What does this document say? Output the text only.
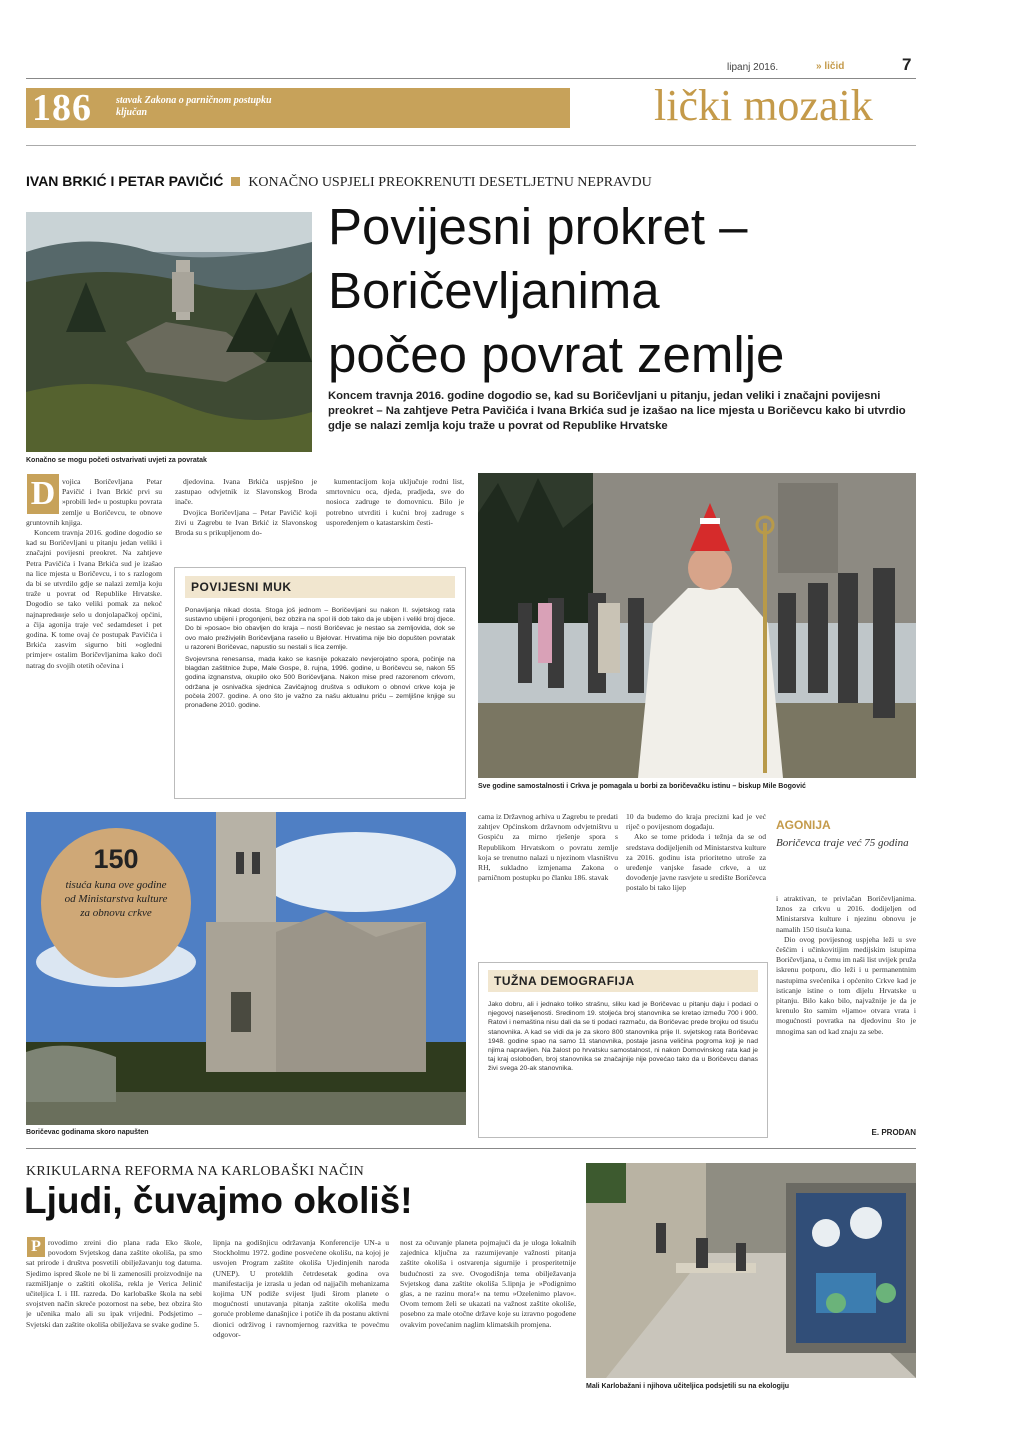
lipanj 2016.	» ličid	7
186 stavak Zakona o parničnom postupku ključan	lički mozaik
IVAN BRKIĆ I PETAR PAVIČIĆ KONAČNO USPJELI PREOKRENUTI DESETLJETNU NEPRAVDU
Povijesni prokret –
Boričevljanima
počeo povrat zemlje
Koncem travnja 2016. godine dogodio se, kad su Boričevljani u pitanju, jedan veliki i značajni povijesni preokret – Na zahtjeve Petra Pavičića i Ivana Brkića sud je izašao na lice mjesta u Boričevcu kako bi utvrdio gdje se nalazi zemlja koju traže u povrat od Republike Hrvatske
Konačno se mogu početi ostvarivati uvjeti za povratak
D vojica Boričevljana Petar Pavičić i Ivan Brkić prvi su »probili led« u postupku povrata zemlje u Boričevcu, te obnove gruntovnih knjiga.

Koncem travnja 2016. godine dogodio se kad su Boričevljani u pitanju jedan veliki i značajni povijesni preokret. Na zahtjeve Petra Pavičića i Ivana Brkića sud je izašao na lice mjesta u Boričevcu, i to s razlogom da bi se utvrdilo gdje se nalazi zemlja koju traže u povrat od Republike Hrvatske. Dogodio se tako veliki pomak za nekoć najnapredније selo u donjolapačkoj općini, a čija agonija traje već sedamdeset i pet godina. K tome ovaj će postupak Pavičića i Brkića zasvim sigurno biti »ogledni primjer« ostalim Boričevljanima kako doći natrag do svojih otetih očevina i

djedovina. Ivana Brkića uspješno je zastupao odvjetnik iz Slavonskog Broda inače.

Dvojica Boričevljana – Petar Pavičić koji živi u Zagrebu te Ivan Brkić iz Slavonskog Broda su s prikupljenom do-

kumentacijom koja uključuje rodni list, smrtovnicu oca, djeda, pradjeda, sve do nosioca zadruge te domovnicu. Bilo je potrebno utvrditi i kućni broj zadruge s uspoređenjem o katastarskim česti-

POVIJESNI MUK
Ponavljanja nikad dosta. Stoga još jednom – Boričevljani su nakon II. svjetskog rata sustavno ubijeni i progonjeni, bez obzira na spol ili dob tako da je ubijen i veliki broj djece. Do bi »posao« bio obavljen do kraja – nosti Boričevac je nestao sa zemljovida, dok se ovo malo preživjelih Boričevljana raselio u Bjelovar. Hrvatima nije bio dopušten povratak u razoreni Boričevac, napustio su nestali s lica zemlje.
Svojevrsna renesansa, mada kako se kasnije pokazalo nevjerojatno spora, počinje na blagdan zaštitnice župe, Male Gospe, 8. rujna, 1996. godine, u Boričevcu se, nakon 55 godina izgnanstva, okupilo oko 500 Boričevljana. Nakon mise pred razorenom crkvom, održana je osnivačka sjednica Zavičajnog društva s odlukom o obnovi crkve koja je počela 2007. godine. A ono što je važno za našu aktualnu priču – zemljišne knjige su pronađene 2010. godine.
Sve godine samostalnosti i Crkva je pomagala u borbi za boričevačku istinu – biskup Mile Bogović
150
tisuća kuna ove godine od Ministarstva kulture za obnovu crkve
Boričevac godinama skoro napušten

cama iz Državnog arhiva u Zagrebu te predati zahtjev Općinskom državnom odvjetništvu u Gospiću za mirno rješenje spora s Republikom Hrvatskom o povratu zemlje koja se trenutno nalazi u njezinom vlasništvu RH, sukladno izmjenama Zakona o parničnom postupku po članku 186. stavak

10 da budemo do kraja precizni kad je već riječ o povijesnom događaju.

Ako se tome pridoda i težnja da se od sredstava dodijeljenih od Ministarstva kulture za 2016. godinu ista prioritetno utroše za uređenje vanjske fasade crkve, a uz dovođenje javne rasvjete u središte Boričevca postalo bi tako lijep

AGONIJA
Boričevca traje već 75 godina

i atraktivan, te privlačan Boričevljanima. Iznos za crkvu u 2016. dodijeljen od Ministarstva kulture i njezinu obnovu je namalih 150 tisuća kuna.

Dio ovog povijesnog uspjeha leži u sve češćim i učinkovitijim medijskim istupima Boričevljana, u čemu im naši list uvijek pruža iskrenu potporu, dio leži i u permanentnim nastupima svećenika i općenito Crkve kad je isticanje istine o tom dijelu Hrvatske u pitanju. Bilo kako bilo, najvažnije je da je krenulo što samim »ljamo« otvara vrata i mogućnosti povratka na djedovinu što je mnogima san od kad znaju za sebe.

E. PRODAN
TUŽNA DEMOGRAFIJA
Jako dobru, ali i jednako toliko strašnu, sliku kad je Boričevac u pitanju daju i podaci o njegovoj naseljenosti. Sredinom 19. stoljeća broj stanovnika se kretao između 700 i 900. Ratovi i nemaština nisu dali da se ti podaci razmaču, da Boričevac prede brojku od tisuću stanovnika. A kad se vidi da je za skoro 800 stanovnika prije II. svjetskog rata Boričevac 1948. godine spao na samo 11 stanovnika, postaje jasna veličina pogroma koji je nad njima napravljen. Na žalost po hrvatsku samostalnost, ni nakon Domovinskog rata kad je taj kraj oslobođen, broj stanovnika se značajnije nije povećao tako da u Boričevcu danas živi svega 20-ak stanovnika.
KRIKULARNA REFORMA NA KARLOBAŠKI NAČIN
Ljudi, čuvajmo okoliš!
P rovodimo zreini dio plana rada Eko škole, povodom Svjetskog dana zaštite okoliša, pa smo sat prirode i društva posvetili obilježavanju tog datuma. Sjedimo ispred škole ne bi li zamenosili proizvodnije na razmišljanje o zaštiti okoliša, rekla je Verica Jelinić učiteljica I. i III. razreda. Do karlobaške škola na sebi svojstven način skreće pozornost na sebe, bez obzira što je učenika malo ali su ipak vrijedni. Podsjetimo – Svjetski dan zaštite okoliša obilježava se svake godine 5.

lipnja na godišnjicu održavanja Konferencije UN-a u Stockholmu 1972. godine posvećene okolišu, na kojoj je usvojen Program zaštite okoliša Ujedinjenih naroda (UNEP). U proteklih četrdesetak godina ova manifestacija je izrasla u jedan od najjačih mehanizama kojima UN podiže svijest ljudi širom planete o mogućnosti unutavanja pitanja zaštite okoliša među goruće probleme današnjice i potiče ih da postanu aktivni dionici održivog i ravnomjernog razvitka te povećmu odgovor-

nost za očuvanje planeta pojmajući da je uloga lokalnih zajednica ključna za razumijevanje važnosti pitanja zaštite okoliša i ostvarenja sigurnije i prosperitetnije budućnosti za sve. Ovogodišnja tema obilježavanja Svjetskog dana zaštite okoliša 5.lipnja je »Podignimo glas, a ne razinu mora!« na temu »Ozelenimo plavo«. Ovom temom želi se ukazati na važnost zaštite okoliše, posebno za male otočne države koje su izravno pogođene ovakvim povećanim naglim klimatskih promjena.

Mali Karlobažani i njihova učiteljica podsjetili su na ekologiju
